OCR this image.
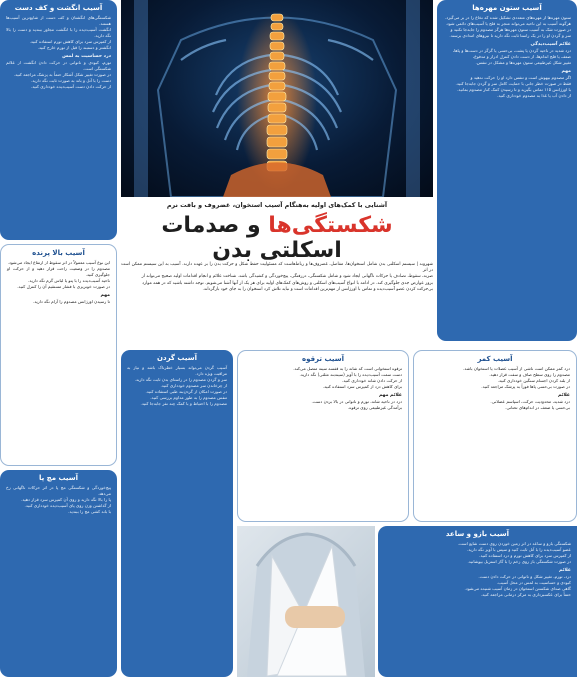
آشنایی با کمک‌های اولیه به‌هنگام آسیب استخوان، غضروف و بافت نرم
شکستگی‌ها و صدمات اسکلتی بدن
شهروند | سیستم اسکلتی بدن شامل استخوان‌ها، مفاصل، غضروف‌ها و رباط‌هاست که مسئولیت حفظ شکل و حرکت بدن را بر عهده دارند. آسیب به این سیستم ممکن است در اثر
ضربه، سقوط، تصادف یا حرکات ناگهانی ایجاد شود و شامل شکستگی، دررفتگی، پیچ‌خوردگی و کشیدگی باشد. شناخت علائم و انجام اقدامات اولیه صحیح می‌تواند از
بروز عوارض جدی جلوگیری کند. در ادامه با انواع آسیب‌های اسکلتی و روش‌های کمک‌های اولیه برای هر یک از آنها آشنا می‌شویم. توجه داشته باشید که در همه موارد
بی‌حرکت کردن عضو آسیب‌دیده و تماس با اورژانس از مهم‌ترین اقدامات است و نباید تلاش کرد استخوان را به جای خود بازگرداند.
آسیب ستون مهره‌ها
ستون مهره‌ها از مهره‌های متعددی تشکیل شده که نخاع را در بر می‌گیرد.
هرگونه آسیب به این ناحیه می‌تواند منجر به فلج یا آسیب‌های دائمی شود.
در صورت شک به آسیب ستون مهره‌ها هرگز مصدوم را جابه‌جا نکنید و
سر و گردن او را در یک راستا ثابت نگه دارید تا نیروهای امدادی برسند.
علائم آسیب‌دیدگی
درد شدید در ناحیه گردن یا پشت، بی‌حسی یا گزگز در دست‌ها و پاها،
ضعف یا فلج اندام‌ها، از دست دادن کنترل ادرار و مدفوع،
تغییر شکل غیرطبیعی ستون مهره‌ها و مشکل در تنفس.
مهم
اگر مصدوم بیهوش است و تنفس دارد او را حرکت ندهید و
فقط در صورت خطر جانی با حمایت کامل سر و گردن جابه‌جا کنید.
با اورژانس ۱۱۵ تماس بگیرید و تا رسیدن کمک کنار مصدوم بمانید.
از دادن آب یا غذا به مصدوم خودداری کنید.
آسیب انگشت و کف دست
شکستگی‌های انگشتان و کف دست از شایع‌ترین آسیب‌ها هستند.
انگشت آسیب‌دیده را با انگشت مجاور ببندید و دست را بالا نگه دارید.
از کمپرس سرد برای کاهش تورم استفاده کنید.
انگشتر و دستبند را قبل از تورم خارج کنید.
درد حساسیت به لمس
تورم، کبودی و ناتوانی در حرکت دادن انگشت از علائم شکستگی است.
در صورت تغییر شکل آشکار حتماً به پزشک مراجعه کنید.
دست را با آتل و باند به صورت ثابت نگه دارید.
از حرکت دادن دست آسیب‌دیده خودداری کنید.
آسیب بالا پرنده
این نوع آسیب معمولاً در اثر سقوط از ارتفاع ایجاد می‌شود.
مصدوم را در وضعیت راحت قرار دهید و از حرکت او جلوگیری کنید.
ناحیه آسیب‌دیده را با پتو یا لباس گرم نگه دارید.
در صورت خونریزی با فشار مستقیم آن را کنترل کنید.
مهم
تا رسیدن اورژانس مصدوم را آرام نگه دارید.
آسیب مچ پا
پیچ‌خوردگی و شکستگی مچ پا در اثر حرکات ناگهانی رخ می‌دهد.
پا را بالا نگه دارید و روی آن کمپرس سرد قرار دهید.
از گذاشتن وزن روی پای آسیب‌دیده خودداری کنید.
با باند کشی مچ را ببندید.
آسیب گردن
آسیب گردن می‌تواند بسیار خطرناک باشد و نیاز به مراقبت ویژه دارد.
سر و گردن مصدوم را در راستای بدن ثابت نگه دارید.
از چرخاندن سر مصدوم خودداری کنید.
در صورت امکان از گردن‌بند طبی استفاده کنید.
تنفس مصدوم را به طور مداوم بررسی کنید.
مصدوم را با احتیاط و با کمک چند نفر جابه‌جا کنید.
آسیب ترقوه
ترقوه استخوانی است که شانه را به قفسه سینه متصل می‌کند.
دست سمت آسیب‌دیده را با آویز (سینه‌بند مثلثی) نگه دارید.
از حرکت دادن شانه خودداری کنید.
برای کاهش درد از کمپرس سرد استفاده کنید.
علائم مهم
درد در ناحیه شانه، تورم و ناتوانی در بالا بردن دست.
برآمدگی غیرطبیعی روی ترقوه.
آسیب کمر
درد کمر ممکن است ناشی از آسیب عضلات یا استخوان باشد.
مصدوم را روی سطح صاف و سفت قرار دهید.
از بلند کردن اجسام سنگین خودداری کنید.
در صورت بی‌حسی پاها فوراً به پزشک مراجعه کنید.
علائم
درد شدید، محدودیت حرکت، اسپاسم عضلانی.
بی‌حسی یا ضعف در اندام‌های تحتانی.
آسیب بازو و ساعد
شکستگی بازو و ساعد در اثر زمین خوردن روی دست شایع است.
عضو آسیب‌دیده را با آتل ثابت کنید و سپس با آویز نگه دارید.
از کمپرس سرد برای کاهش تورم و درد استفاده کنید.
در صورت شکستگی باز روی زخم را با گاز استریل بپوشانید.
علائم
درد، تورم، تغییر شکل و ناتوانی در حرکت دادن دست.
کبودی و حساسیت به لمس در محل آسیب.
گاهی صدای شکستن استخوان در زمان آسیب شنیده می‌شود.
حتماً برای عکسبرداری به مرکز درمانی مراجعه کنید.
